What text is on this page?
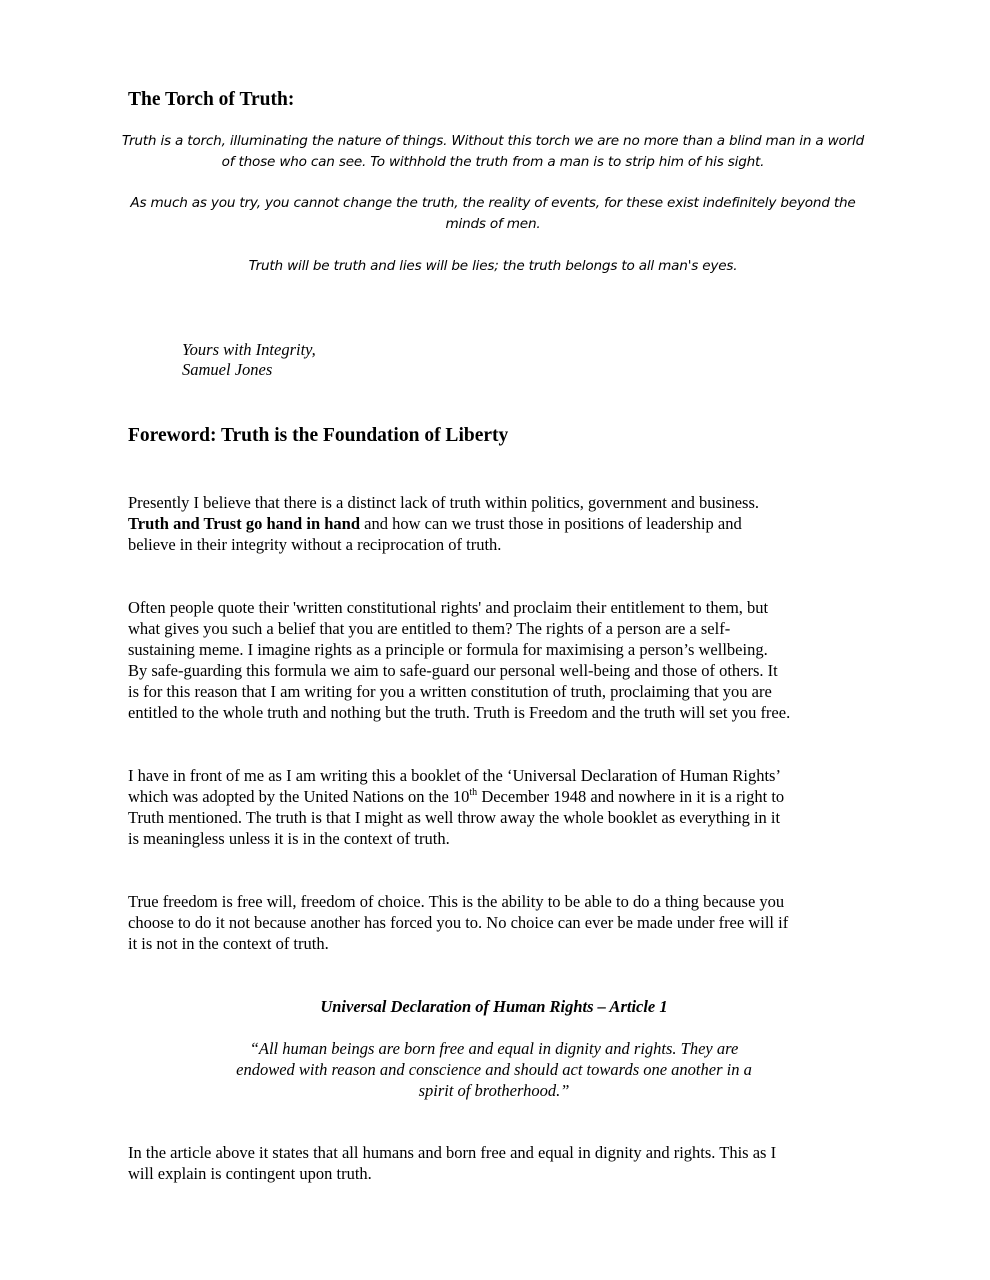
The Torch of Truth:
Truth is a torch, illuminating the nature of things. Without this torch we are no more than a blind man in a world of those who can see. To withhold the truth from a man is to strip him of his sight.
As much as you try, you cannot change the truth, the reality of events, for these exist indefinitely beyond the minds of men.
Truth will be truth and lies will be lies; the truth belongs to all man's eyes.
Yours with Integrity,
Samuel Jones
Foreword: Truth is the Foundation of Liberty
Presently I believe that there is a distinct lack of truth within politics, government and business.
Truth and Trust go hand in hand and how can we trust those in positions of leadership and
believe in their integrity without a reciprocation of truth.
Often people quote their 'written constitutional rights' and proclaim their entitlement to them, but
what gives you such a belief that you are entitled to them? The rights of a person are a self-
sustaining meme. I imagine rights as a principle or formula for maximising a person’s wellbeing.
By safe-guarding this formula we aim to safe-guard our personal well-being and those of others. It
is for this reason that I am writing for you a written constitution of truth, proclaiming that you are
entitled to the whole truth and nothing but the truth. Truth is Freedom and the truth will set you free.
I have in front of me as I am writing this a booklet of the ‘Universal Declaration of Human Rights’
which was adopted by the United Nations on the 10th December 1948 and nowhere in it is a right to
Truth mentioned. The truth is that I might as well throw away the whole booklet as everything in it
is meaningless unless it is in the context of truth.
True freedom is free will, freedom of choice. This is the ability to be able to do a thing because you
choose to do it not because another has forced you to. No choice can ever be made under free will if
it is not in the context of truth.
Universal Declaration of Human Rights – Article 1
“All human beings are born free and equal in dignity and rights. They are
endowed with reason and conscience and should act towards one another in a
spirit of brotherhood.”
In the article above it states that all humans and born free and equal in dignity and rights. This as I
will explain is contingent upon truth.
